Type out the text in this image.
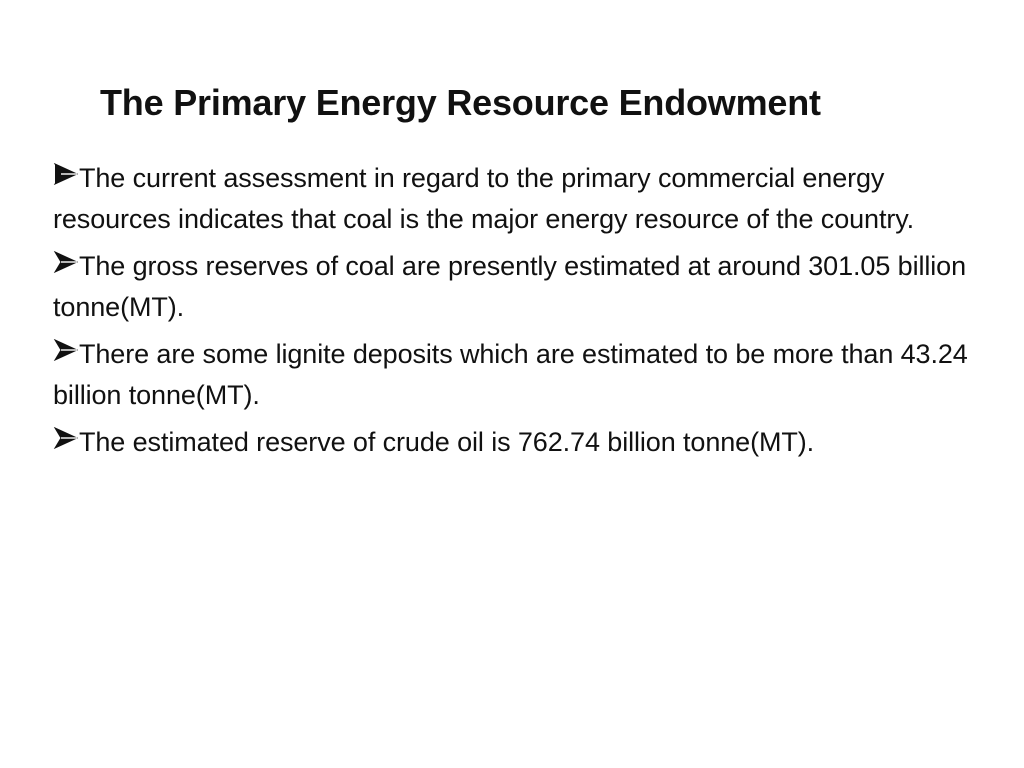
The Primary Energy Resource Endowment
The current assessment in regard to the primary commercial energy resources indicates that coal is the major energy resource of the country.
The gross reserves of coal are presently estimated at around 301.05 billion tonne(MT).
There are some lignite deposits which are estimated to be more than 43.24 billion tonne(MT).
The estimated reserve of crude oil is 762.74 billion tonne(MT).
